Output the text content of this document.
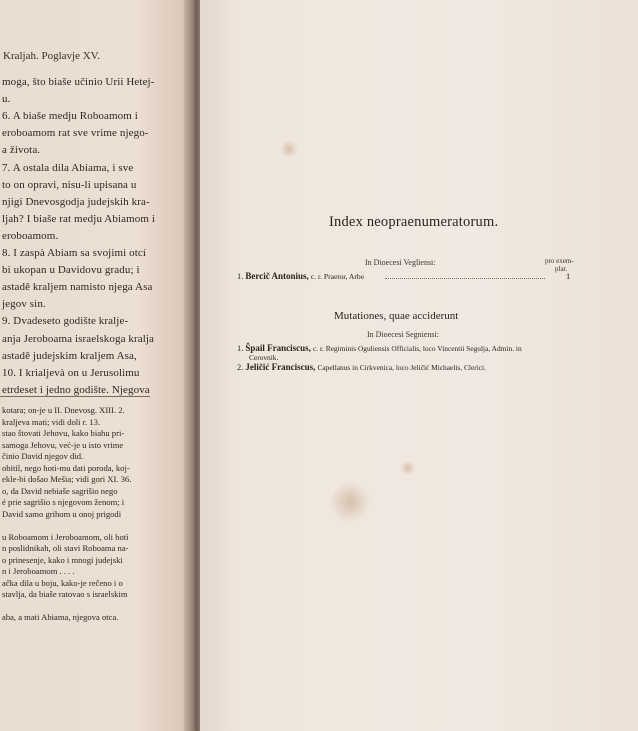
Kraljah. Poglavje XV.
moga, što biaše učinio Urii Hetej-
u.
6. A biaše medju Roboamom i
eroboamom rat sve vrime njego-
a života.
7. A ostala dila Abiama, i sve
to on opravi, nisu-li upisana u
njigi Dnevosgodja judejskih kra-
ljah? I biaše rat medju Abiamom i
eroboamom.
8. I zaspà Abiam sa svojimi otcí
bi ukopan u Davidovu gradu; i
astadě kraljem namisto njega Asa
jegov sin.
9. Dvadeseto godište kralje-
anja Jeroboama israelskoga kralja
astadě judejskim kraljem Asa,
10. I krialjevà on u Jerusolimu
etrdeset i jedno godište. Njegova
kotara; on-je u II. Dnevosg. XIII. 2.
kraljeva mati; vidi doli r. 13.
stao štovati Jehovu, kako biahu pri-
samoga Jehovu, već-je u isto vrime
činio David njegov did.
obitil, nego hotì-mu dati poroda, koj-
ekle-bi došao Mešia; vidi gori XI. 36.
o, da David nebiaše sagrišio nego
é prie sagrišio s njegovom ženom; i
David samo grihom u onoj prigodi
u Roboamom i Jeroboamom, oli hotì
n poslidnikah, oli stavi Roboama na-
o prinesenje, kako i mnogi judejski
n i Jeroboamom . . . .
ačka dila u boju, kako-je rečeno i o
stavlja, da biaše ratovao s israelskim
aba, a mati Abiama, njegova otca.
Index neopraenumeratorum.
In Dioecesi Vegliensi:	pro exem-
plar.
1. Bercič Antonius, c. r. Praetor, Arbe	1
Mutationes, quae acciderunt
In Dioecesi Segniensi:
1. Špail Franciscus, c. r. Regiminis Oguliensis Officialis, loco Vincentii Segulja, Admin. in
Cerovnik.
2. Jeličić Franciscus, Capellanus in Cirkvenica, loco Jeličić Michaelis, Clerici.
